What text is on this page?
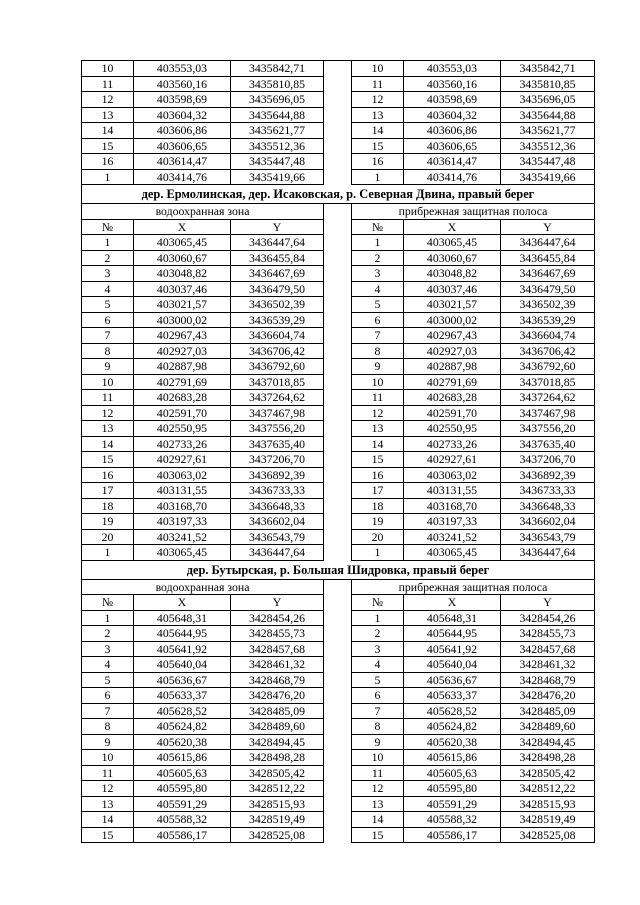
10	403553,03	3435842,71
11	403560,16	3435810,85
12	403598,69	3435696,05
13	403604,32	3435644,88
14	403606,86	3435621,77
15	403606,65	3435512,36
16	403614,47	3435447,48
1	403414,76	3435419,66
10	403553,03	3435842,71
11	403560,16	3435810,85
12	403598,69	3435696,05
13	403604,32	3435644,88
14	403606,86	3435621,77
15	403606,65	3435512,36
16	403614,47	3435447,48
1	403414,76	3435419,66
дер. Ермолинская, дер. Исаковская, р. Северная Двина, правый берег
водоохранная зона
№	X	Y
1	403065,45	3436447,64
2	403060,67	3436455,84
3	403048,82	3436467,69
4	403037,46	3436479,50
5	403021,57	3436502,39
6	403000,02	3436539,29
7	402967,43	3436604,74
8	402927,03	3436706,42
9	402887,98	3436792,60
10	402791,69	3437018,85
11	402683,28	3437264,62
12	402591,70	3437467,98
13	402550,95	3437556,20
14	402733,26	3437635,40
15	402927,61	3437206,70
16	403063,02	3436892,39
17	403131,55	3436733,33
18	403168,70	3436648,33
19	403197,33	3436602,04
20	403241,52	3436543,79
1	403065,45	3436447,64
прибрежная защитная полоса
№	X	Y
1	403065,45	3436447,64
2	403060,67	3436455,84
3	403048,82	3436467,69
4	403037,46	3436479,50
5	403021,57	3436502,39
6	403000,02	3436539,29
7	402967,43	3436604,74
8	402927,03	3436706,42
9	402887,98	3436792,60
10	402791,69	3437018,85
11	402683,28	3437264,62
12	402591,70	3437467,98
13	402550,95	3437556,20
14	402733,26	3437635,40
15	402927,61	3437206,70
16	403063,02	3436892,39
17	403131,55	3436733,33
18	403168,70	3436648,33
19	403197,33	3436602,04
20	403241,52	3436543,79
1	403065,45	3436447,64
дер. Бутырская, р. Большая Шидровка, правый берег
водоохранная зона
№	X	Y
1	405648,31	3428454,26
2	405644,95	3428455,73
3	405641,92	3428457,68
4	405640,04	3428461,32
5	405636,67	3428468,79
6	405633,37	3428476,20
7	405628,52	3428485,09
8	405624,82	3428489,60
9	405620,38	3428494,45
10	405615,86	3428498,28
11	405605,63	3428505,42
12	405595,80	3428512,22
13	405591,29	3428515,93
14	405588,32	3428519,49
15	405586,17	3428525,08
прибрежная защитная полоса
№	X	Y
1	405648,31	3428454,26
2	405644,95	3428455,73
3	405641,92	3428457,68
4	405640,04	3428461,32
5	405636,67	3428468,79
6	405633,37	3428476,20
7	405628,52	3428485,09
8	405624,82	3428489,60
9	405620,38	3428494,45
10	405615,86	3428498,28
11	405605,63	3428505,42
12	405595,80	3428512,22
13	405591,29	3428515,93
14	405588,32	3428519,49
15	405586,17	3428525,08
